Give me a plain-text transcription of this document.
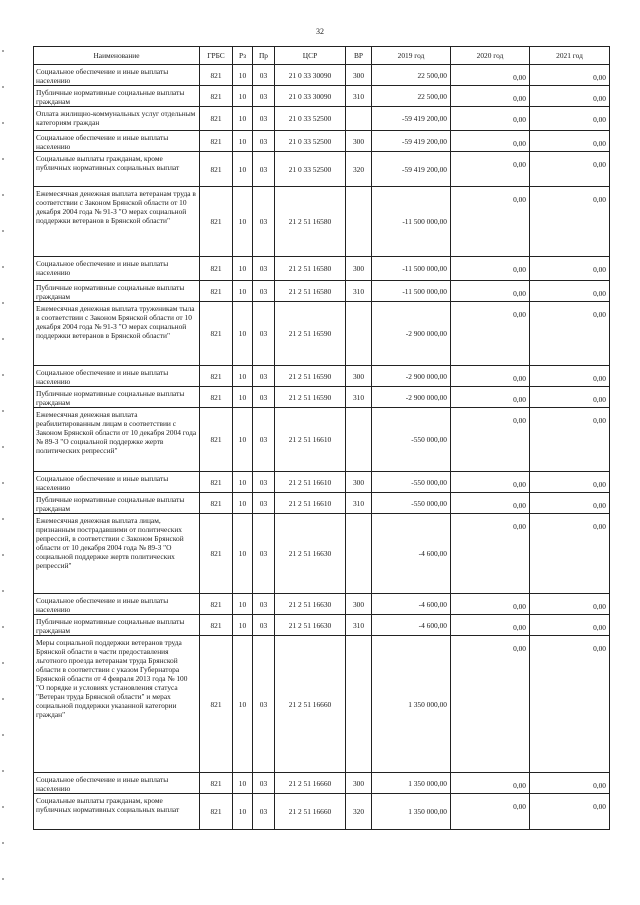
32
Наименование	ГРБС	Рз	Пр	ЦСР	ВР	2019 год	2020 год	2021 год
Социальное обеспечение и иные выплаты населению	821	10	03	21 0 33 30090	300	22 500,00	0,00	0,00
Публичные нормативные социальные выплаты гражданам	821	10	03	21 0 33 30090	310	22 500,00	0,00	0,00
Оплата жилищно-коммунальных услуг отдельным категориям граждан	821	10	03	21 0 33 52500		-59 419 200,00	0,00	0,00
Социальное обеспечение и иные выплаты населению	821	10	03	21 0 33 52500	300	-59 419 200,00	0,00	0,00
Социальные выплаты гражданам, кроме публичных нормативных социальных выплат	821	10	03	21 0 33 52500	320	-59 419 200,00	0,00	0,00
Ежемесячная денежная выплата ветеранам труда в соответствии с Законом Брянской области от 10 декабря 2004 года № 91-З "О мерах социальной поддержки ветеранов в Брянской области"	821	10	03	21 2 51 16580		-11 500 000,00	0,00	0,00
Социальное обеспечение и иные выплаты населению	821	10	03	21 2 51 16580	300	-11 500 000,00	0,00	0,00
Публичные нормативные социальные выплаты гражданам	821	10	03	21 2 51 16580	310	-11 500 000,00	0,00	0,00
Ежемесячная денежная выплата труженикам тыла в соответствии с Законом Брянской области от 10 декабря 2004 года № 91-З "О мерах социальной поддержки ветеранов в Брянской области"	821	10	03	21 2 51 16590		-2 900 000,00	0,00	0,00
Социальное обеспечение и иные выплаты населению	821	10	03	21 2 51 16590	300	-2 900 000,00	0,00	0,00
Публичные нормативные социальные выплаты гражданам	821	10	03	21 2 51 16590	310	-2 900 000,00	0,00	0,00
Ежемесячная денежная выплата реабилитированным лицам в соответствии с Законом Брянской области от 10 декабря 2004 года № 89-З "О социальной поддержке жертв политических репрессий"	821	10	03	21 2 51 16610		-550 000,00	0,00	0,00
Социальное обеспечение и иные выплаты населению	821	10	03	21 2 51 16610	300	-550 000,00	0,00	0,00
Публичные нормативные социальные выплаты гражданам	821	10	03	21 2 51 16610	310	-550 000,00	0,00	0,00
Ежемесячная денежная выплата лицам, признанным пострадавшими от политических репрессий, в соответствии с Законом Брянской области от 10 декабря 2004 года № 89-З "О социальной поддержке жертв политических репрессий"	821	10	03	21 2 51 16630		-4 600,00	0,00	0,00
Социальное обеспечение и иные выплаты населению	821	10	03	21 2 51 16630	300	-4 600,00	0,00	0,00
Публичные нормативные социальные выплаты гражданам	821	10	03	21 2 51 16630	310	-4 600,00	0,00	0,00
Меры социальной поддержки ветеранов труда Брянской области в части предоставления льготного проезда ветеранам труда Брянской области в соответствии с указом Губернатора Брянской области от 4 февраля 2013 года № 100 "О порядке и условиях установления статуса "Ветеран труда Брянской области" и мерах социальной поддержки указанной категории граждан"	821	10	03	21 2 51 16660		1 350 000,00	0,00	0,00
Социальное обеспечение и иные выплаты населению	821	10	03	21 2 51 16660	300	1 350 000,00	0,00	0,00
Социальные выплаты гражданам, кроме публичных нормативных социальных выплат	821	10	03	21 2 51 16660	320	1 350 000,00	0,00	0,00
